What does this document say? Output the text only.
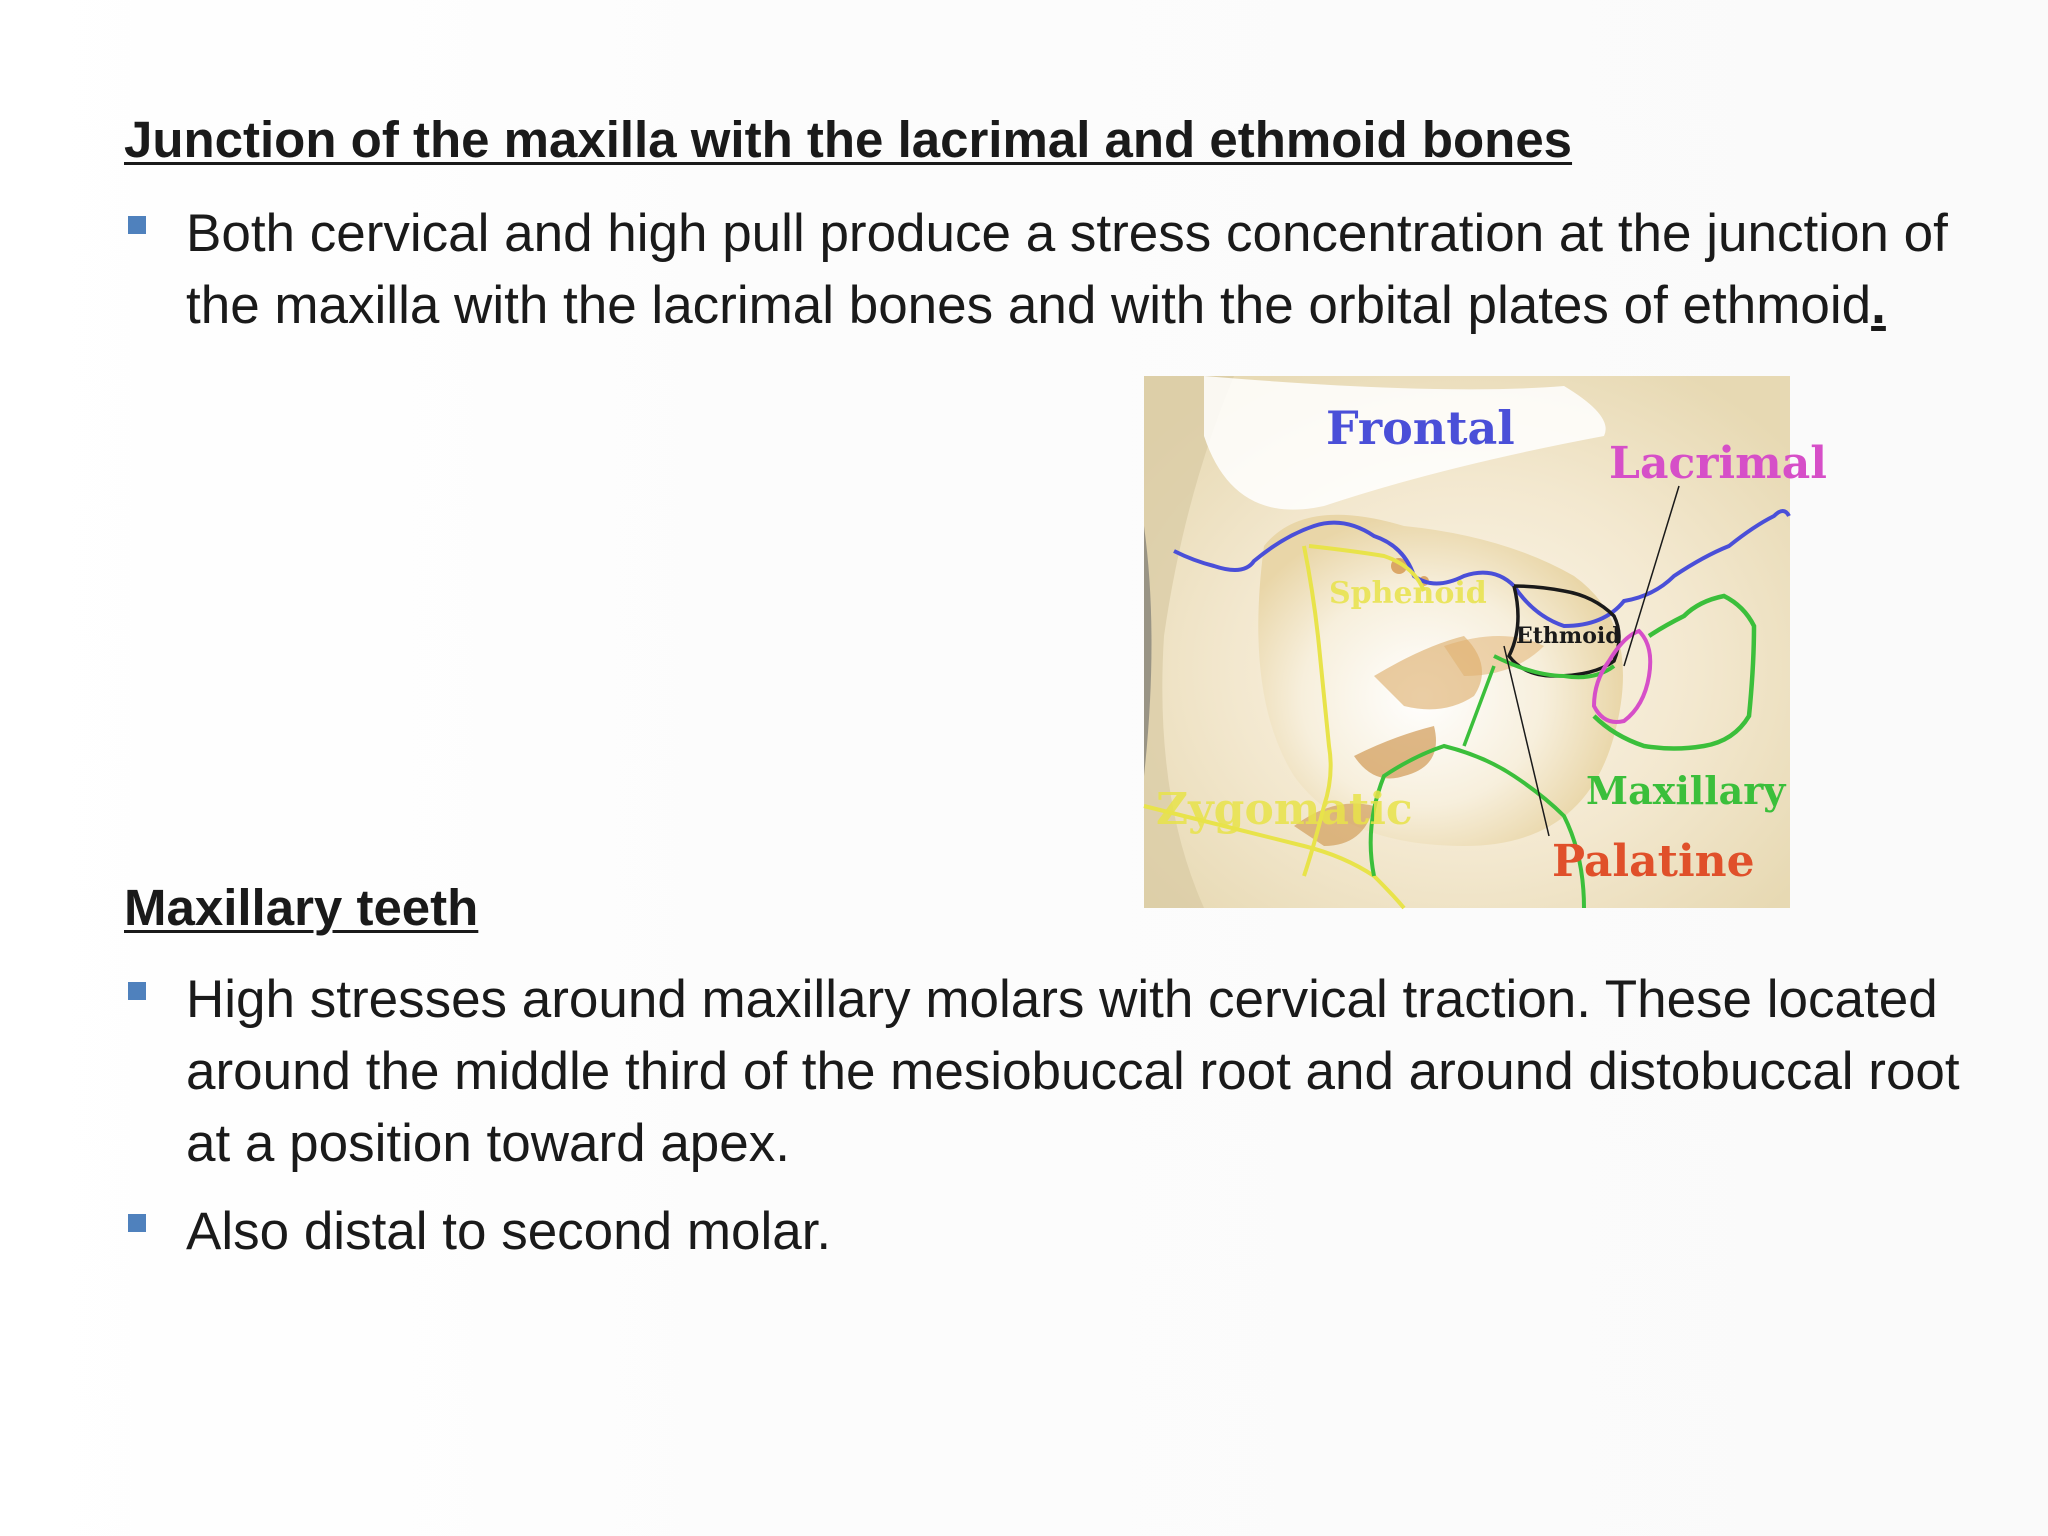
Junction of the maxilla with the lacrimal and ethmoid bones
Both cervical and high pull produce a stress concentration at the junction of the maxilla with the lacrimal bones and with the orbital plates of ethmoid.
Frontal
Lacrimal
Sphenoid
Ethmoid
Zygomatic	Maxillary
Palatine
Maxillary teeth
High stresses around maxillary molars with cervical traction. These located around the middle third of the mesiobuccal root and around distobuccal root at a position toward apex.
Also distal to second molar.
